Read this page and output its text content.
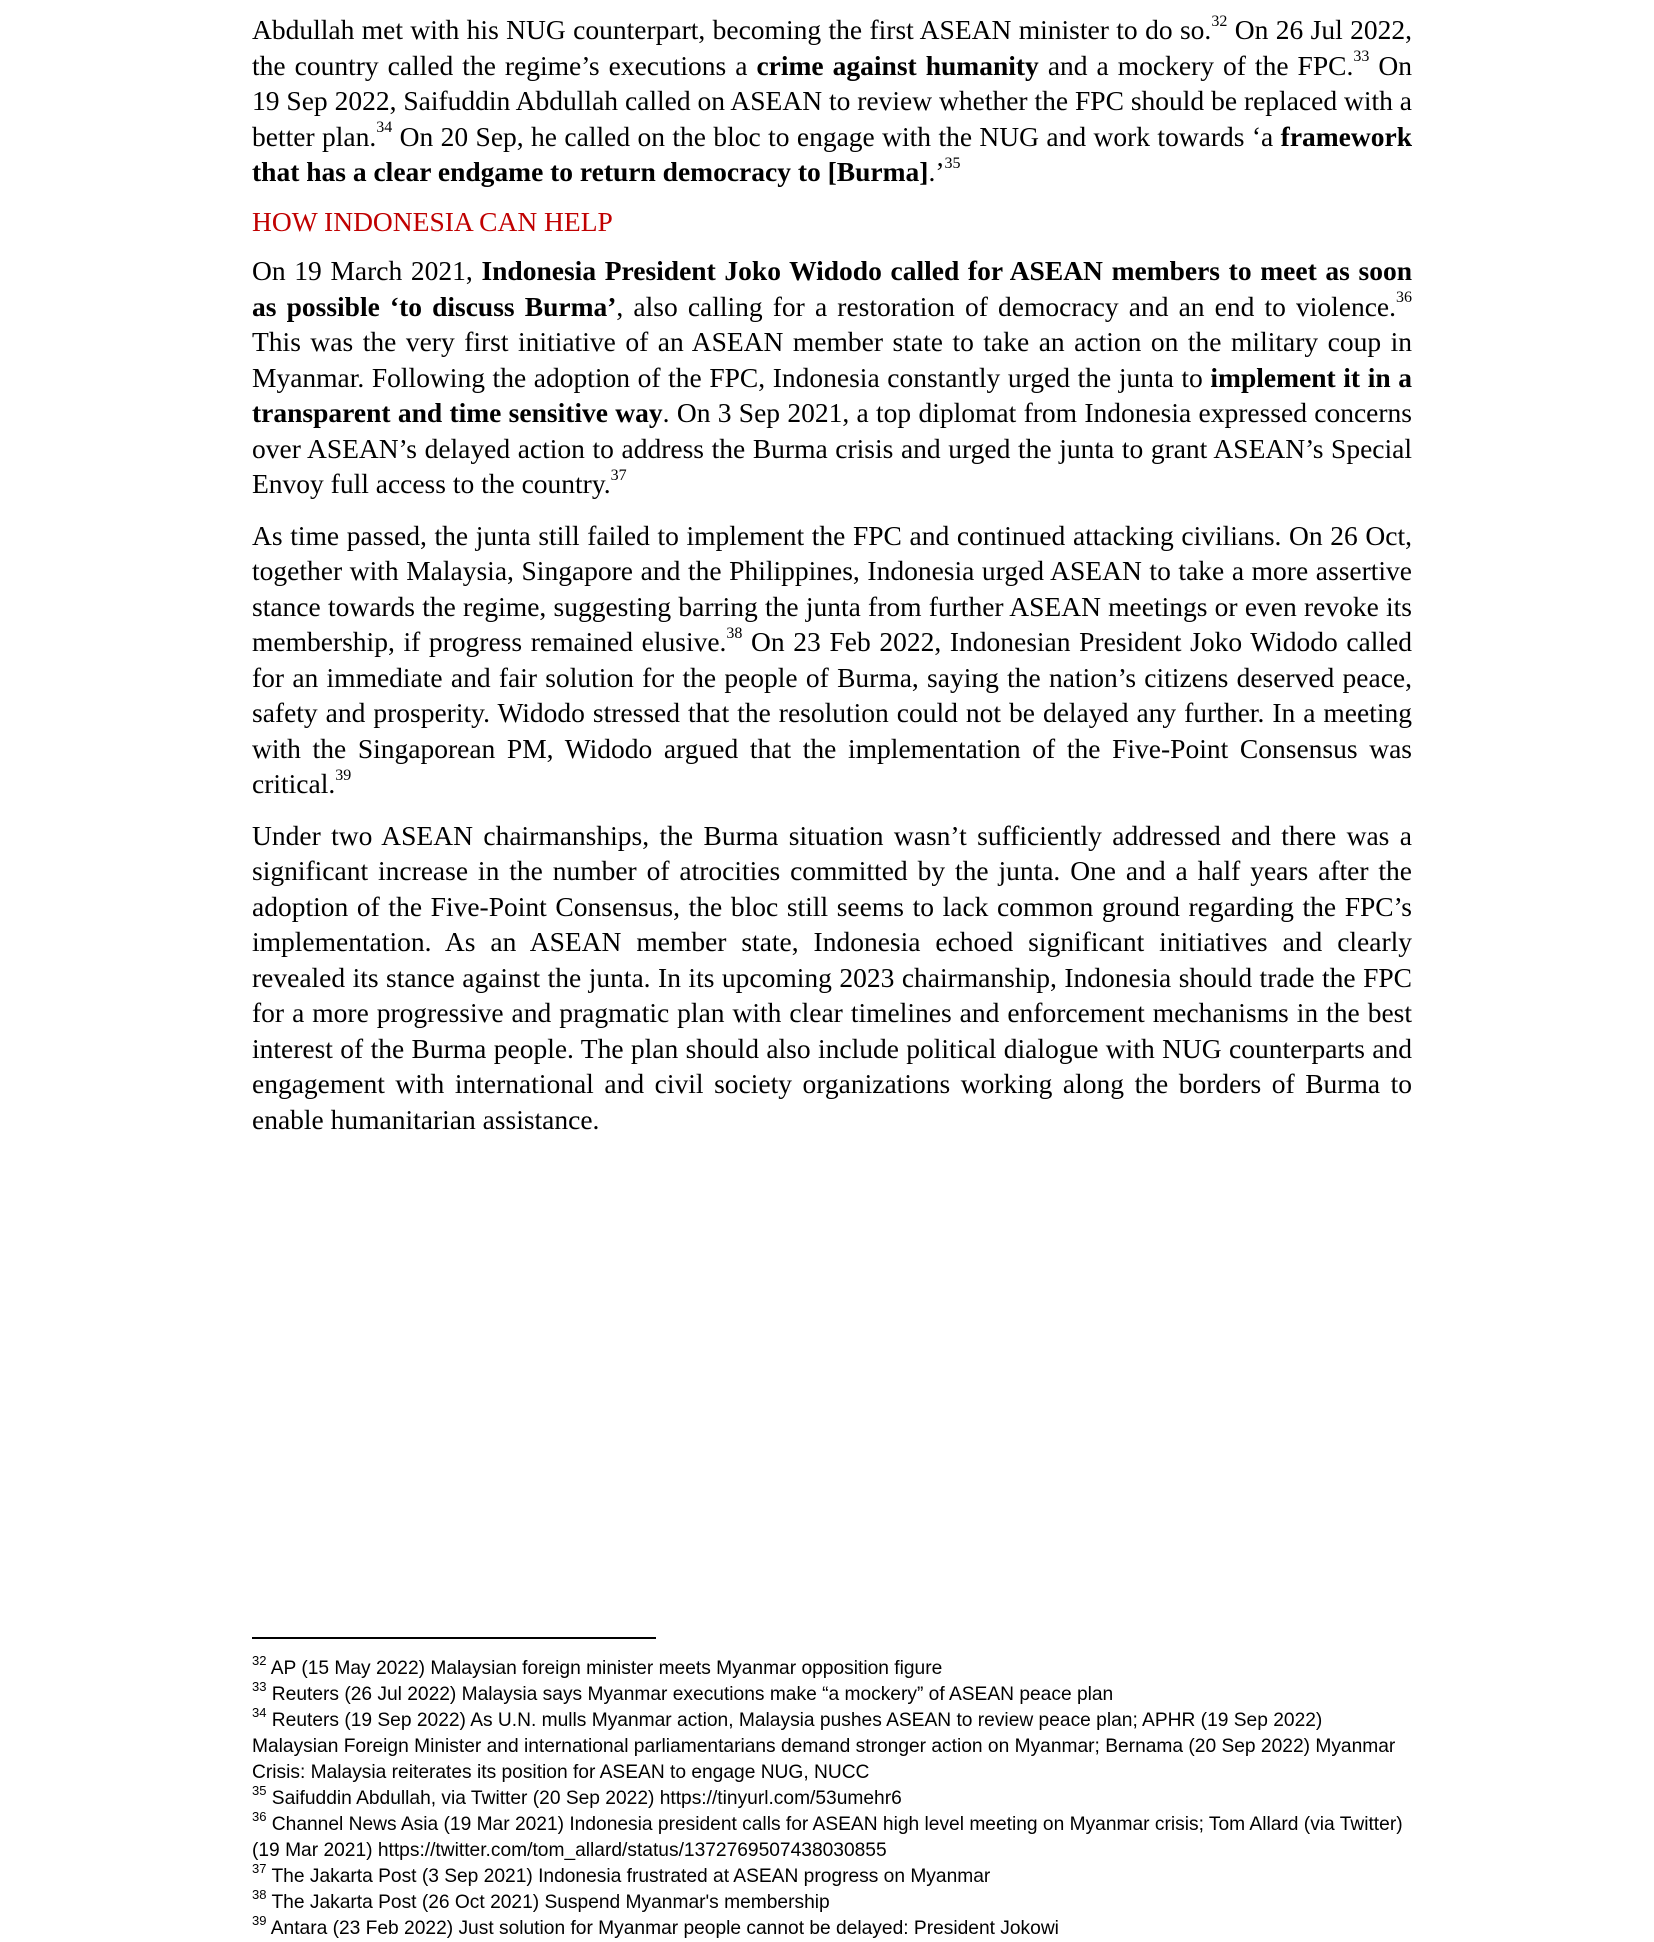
Abdullah met with his NUG counterpart, becoming the first ASEAN minister to do so.$^{32}$ On 26 Jul 2022, the country called the regime’s executions a crime against humanity and a mockery of the FPC.$^{33}$ On 19 Sep 2022, Saifuddin Abdullah called on ASEAN to review whether the FPC should be replaced with a better plan.$^{34}$ On 20 Sep, he called on the bloc to engage with the NUG and work towards ‘a framework that has a clear endgame to return democracy to [Burma].’$^{35}$

HOW INDONESIA CAN HELP

On 19 March 2021, Indonesia President Joko Widodo called for ASEAN members to meet as soon as possible ‘to discuss Burma’, also calling for a restoration of democracy and an end to violence.$^{36}$ This was the very first initiative of an ASEAN member state to take an action on the military coup in Myanmar. Following the adoption of the FPC, Indonesia constantly urged the junta to implement it in a transparent and time sensitive way. On 3 Sep 2021, a top diplomat from Indonesia expressed concerns over ASEAN’s delayed action to address the Burma crisis and urged the junta to grant ASEAN’s Special Envoy full access to the country.$^{37}$

As time passed, the junta still failed to implement the FPC and continued attacking civilians. On 26 Oct, together with Malaysia, Singapore and the Philippines, Indonesia urged ASEAN to take a more assertive stance towards the regime, suggesting barring the junta from further ASEAN meetings or even revoke its membership, if progress remained elusive.$^{38}$ On 23 Feb 2022, Indonesian President Joko Widodo called for an immediate and fair solution for the people of Burma, saying the nation’s citizens deserved peace, safety and prosperity. Widodo stressed that the resolution could not be delayed any further. In a meeting with the Singaporean PM, Widodo argued that the implementation of the Five-Point Consensus was critical.$^{39}$

Under two ASEAN chairmanships, the Burma situation wasn’t sufficiently addressed and there was a significant increase in the number of atrocities committed by the junta. One and a half years after the adoption of the Five-Point Consensus, the bloc still seems to lack common ground regarding the FPC’s implementation. As an ASEAN member state, Indonesia echoed significant initiatives and clearly revealed its stance against the junta. In its upcoming 2023 chairmanship, Indonesia should trade the FPC for a more progressive and pragmatic plan with clear timelines and enforcement mechanisms in the best interest of the Burma people. The plan should also include political dialogue with NUG counterparts and engagement with international and civil society organizations working along the borders of Burma to enable humanitarian assistance.

$^{32}$ AP (15 May 2022) Malaysian foreign minister meets Myanmar opposition figure

$^{33}$ Reuters (26 Jul 2022) Malaysia says Myanmar executions make “a mockery” of ASEAN peace plan

$^{34}$ Reuters (19 Sep 2022) As U.N. mulls Myanmar action, Malaysia pushes ASEAN to review peace plan; APHR (19 Sep 2022) Malaysian Foreign Minister and international parliamentarians demand stronger action on Myanmar; Bernama (20 Sep 2022) Myanmar Crisis: Malaysia reiterates its position for ASEAN to engage NUG, NUCC

$^{35}$ Saifuddin Abdullah, via Twitter (20 Sep 2022) https://tinyurl.com/53umehr6

$^{36}$ Channel News Asia (19 Mar 2021) Indonesia president calls for ASEAN high level meeting on Myanmar crisis; Tom Allard (via Twitter) (19 Mar 2021) https://twitter.com/tom_allard/status/1372769507438030855

$^{37}$ The Jakarta Post (3 Sep 2021) Indonesia frustrated at ASEAN progress on Myanmar

$^{38}$ The Jakarta Post (26 Oct 2021) Suspend Myanmar's membership

$^{39}$ Antara (23 Feb 2022) Just solution for Myanmar people cannot be delayed: President Jokowi
